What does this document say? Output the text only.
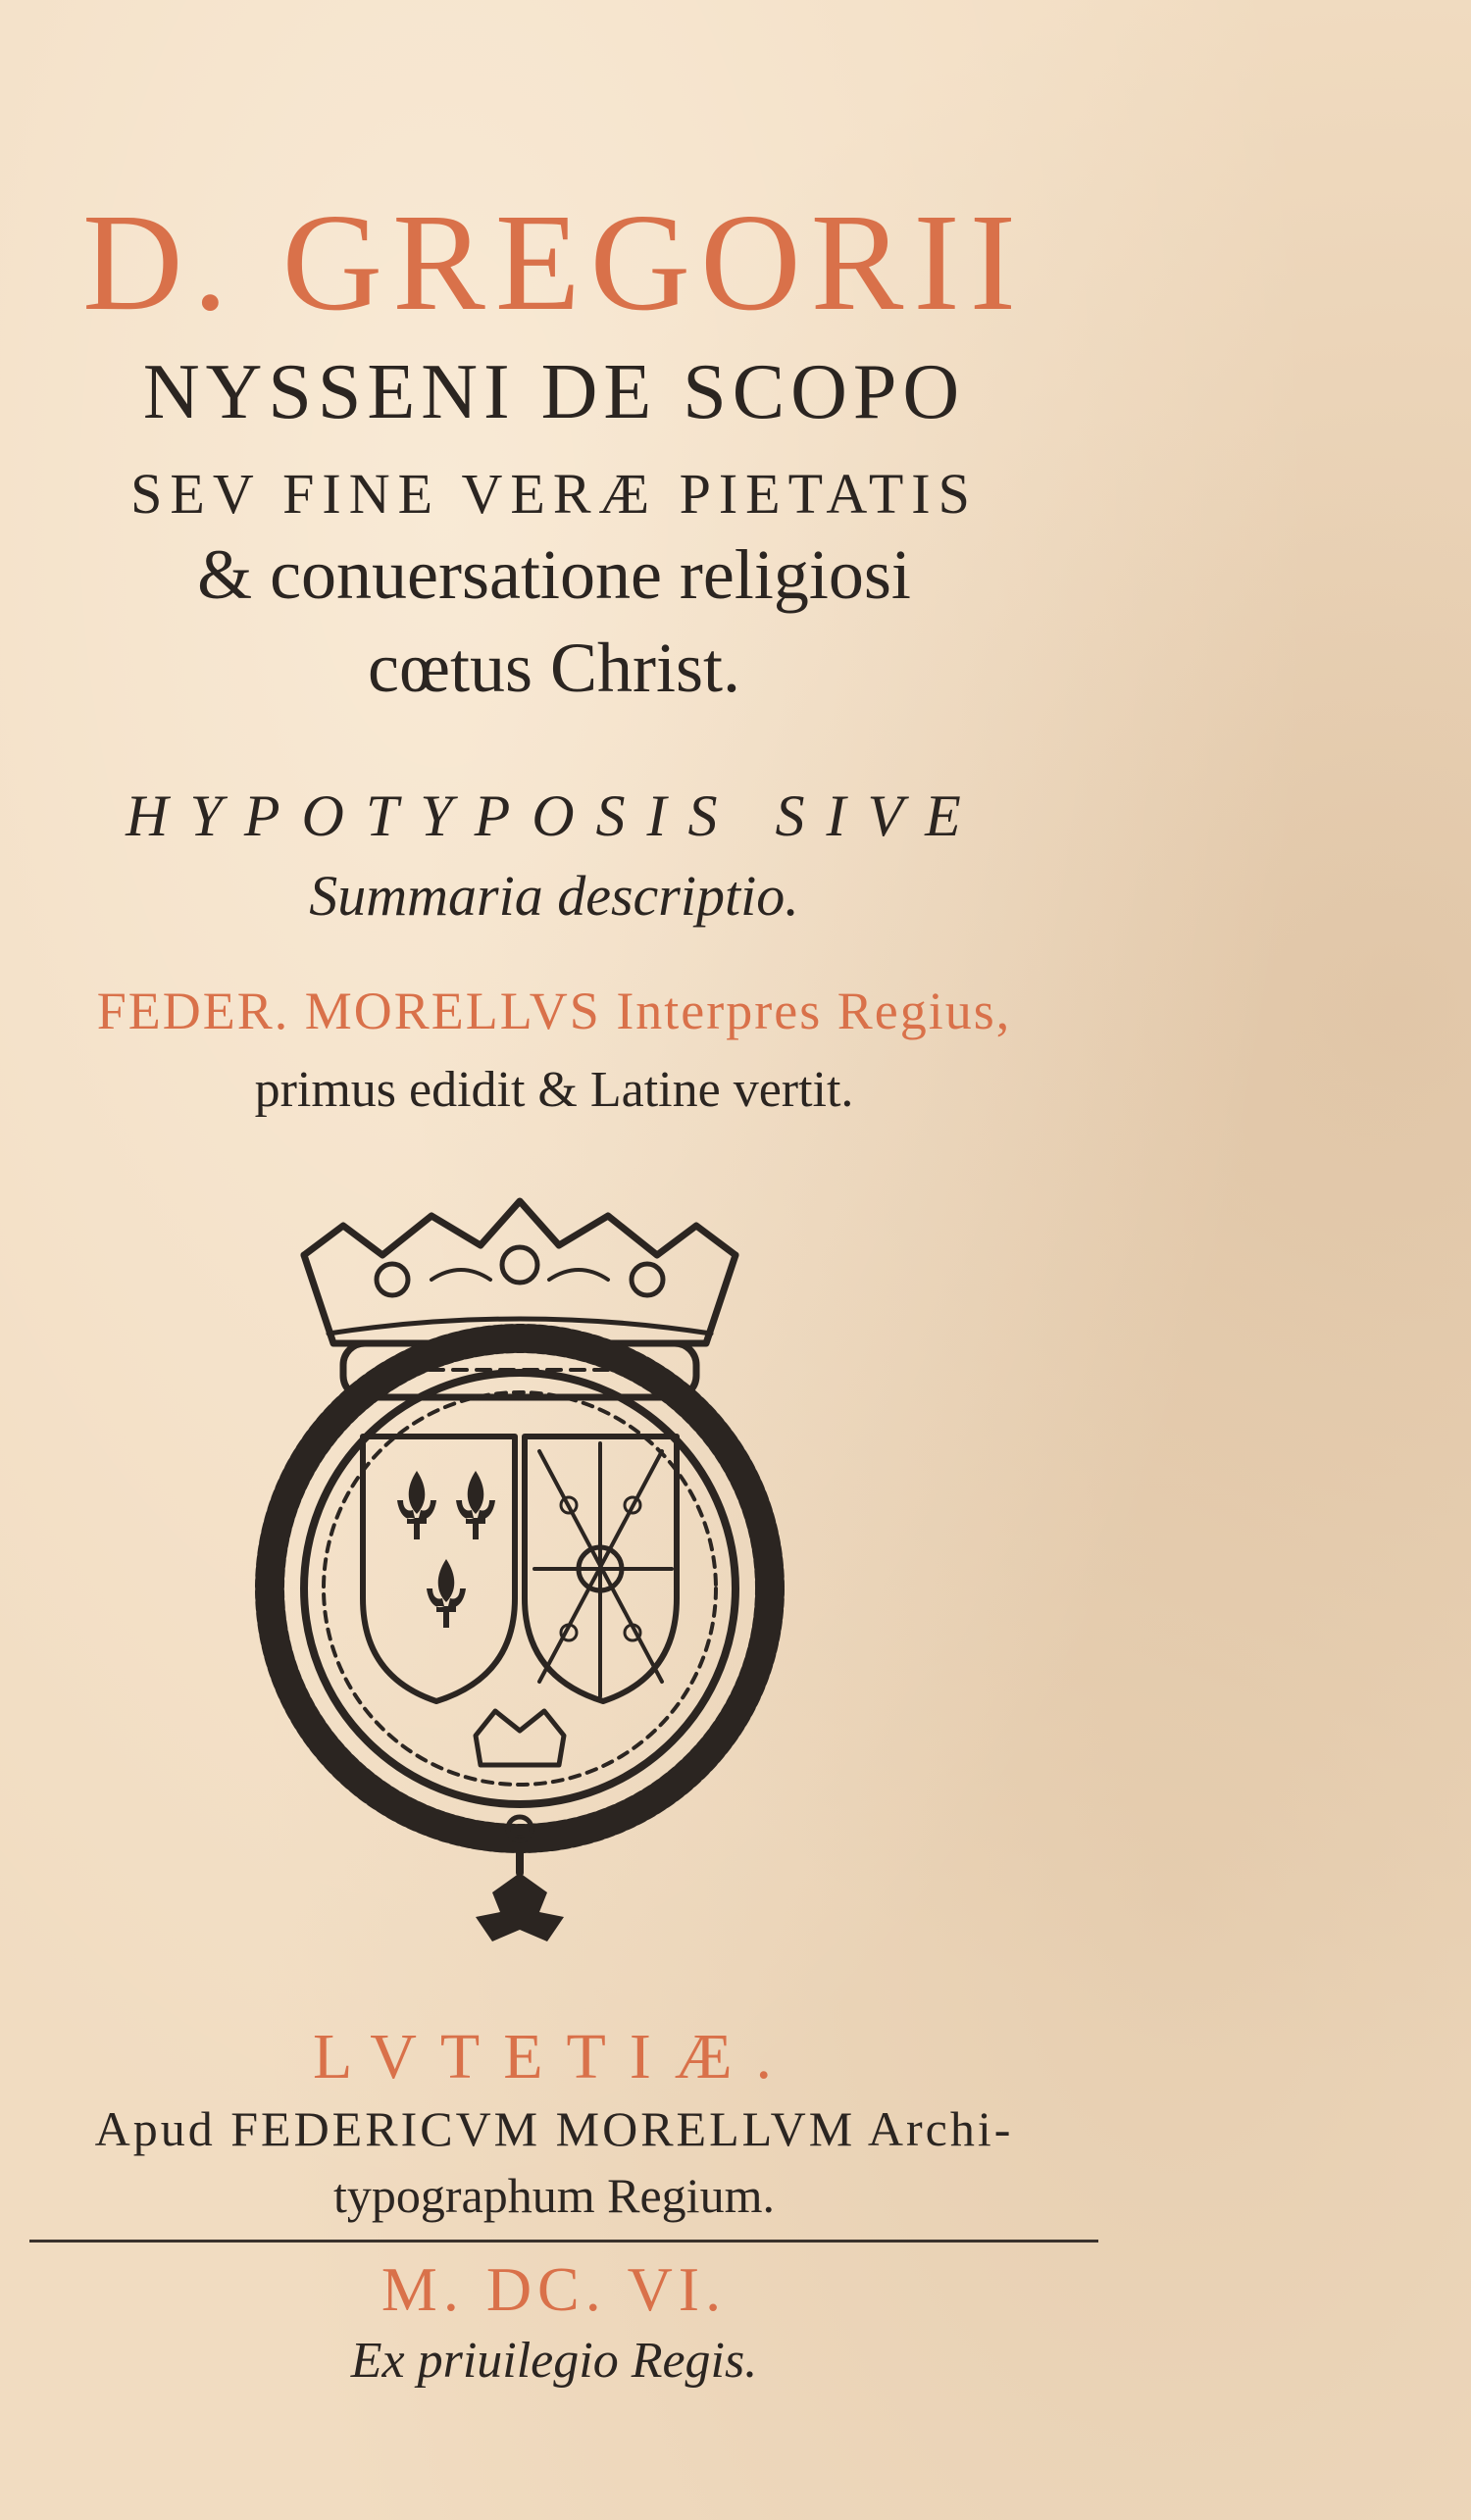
D. GREGORII
NYSSENI DE SCOPO
SEV FINE VERÆ PIETATIS
& conuersatione religiosi
cœtus Christ.
HYPOTYPOSIS SIVE
Summaria descriptio.
FEDER. MORELLVS Interpres Regius,
primus edidit & Latine vertit.
LVTETIÆ.
Apud FEDERICVM MORELLVM Archi-
typographum Regium.
M. DC. VI.
Ex priuilegio Regis.
